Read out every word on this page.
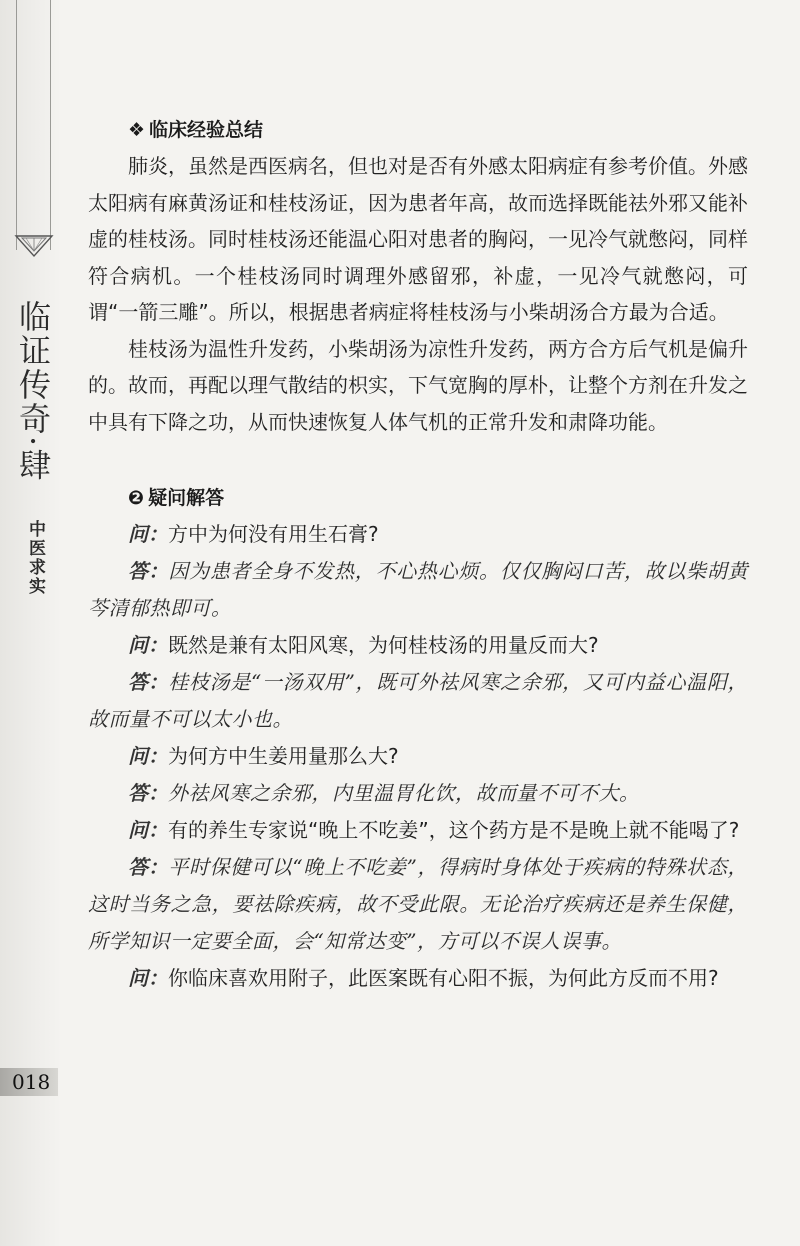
临证传奇·肆
中医求实
018
❖ 临床经验总结

肺炎，虽然是西医病名，但也对是否有外感太阳病症有参考价值。外感太阳病有麻黄汤证和桂枝汤证，因为患者年高，故而选择既能祛外邪又能补虚的桂枝汤。同时桂枝汤还能温心阳对患者的胸闷，一见冷气就憋闷，同样符合病机。一个桂枝汤同时调理外感留邪，补虚，一见冷气就憋闷，可谓“一箭三雕”。所以，根据患者病症将桂枝汤与小柴胡汤合方最为合适。

桂枝汤为温性升发药，小柴胡汤为凉性升发药，两方合方后气机是偏升的。故而，再配以理气散结的枳实，下气宽胸的厚朴，让整个方剂在升发之中具有下降之功，从而快速恢复人体气机的正常升发和肃降功能。

❷ 疑问解答

问：方中为何没有用生石膏?

答：因为患者全身不发热，不心热心烦。仅仅胸闷口苦，故以柴胡黄芩清郁热即可。

问：既然是兼有太阳风寒，为何桂枝汤的用量反而大?

答：桂枝汤是“一汤双用”，既可外祛风寒之余邪，又可内益心温阳，故而量不可以太小也。

问：为何方中生姜用量那么大?

答：外祛风寒之余邪，内里温胃化饮，故而量不可不大。

问：有的养生专家说“晚上不吃姜”，这个药方是不是晚上就不能喝了?

答：平时保健可以“晚上不吃姜”，得病时身体处于疾病的特殊状态，这时当务之急，要祛除疾病，故不受此限。无论治疗疾病还是养生保健，所学知识一定要全面，会“知常达变”，方可以不误人误事。

问：你临床喜欢用附子，此医案既有心阳不振，为何此方反而不用?
